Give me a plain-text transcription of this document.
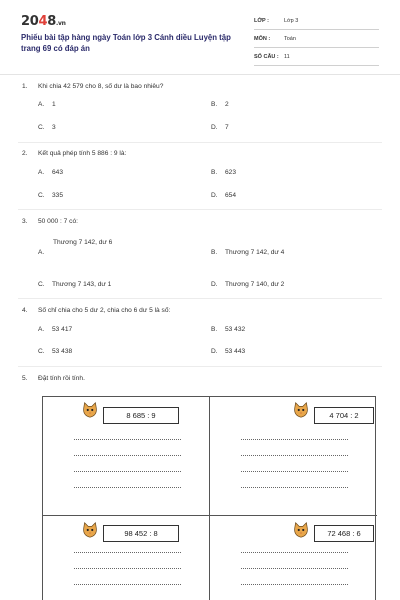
2048.vn
Phiếu bài tập hàng ngày Toán lớp 3 Cánh diều Luyện tập trang 69 có đáp án
LỚP :	Lớp 3
MÔN :	Toán
SỐ CÂU : 11
1. Khi chia 42 579 cho 8, số dư là bao nhiêu?
A. 1	B. 2
C. 3	D. 7
2. Kết quả phép tính 5 886 : 9 là:
A. 643	B. 623
C. 335	D. 654
3. 50 000 : 7 có:
A.
Thương 7 142, dư 6
B. Thương 7 142, dư 4
C. Thương 7 143, dư 1	D. Thương 7 140, dư 2
4. Số chỉ chia cho 5 dư 2, chia cho 6 dư 5 là số:
A. 53 417	B. 53 432
C. 53 438	D. 53 443
5. Đặt tính rồi tính.
8 685 : 9	4 704 : 2
98 452 : 8	72 468 : 6
